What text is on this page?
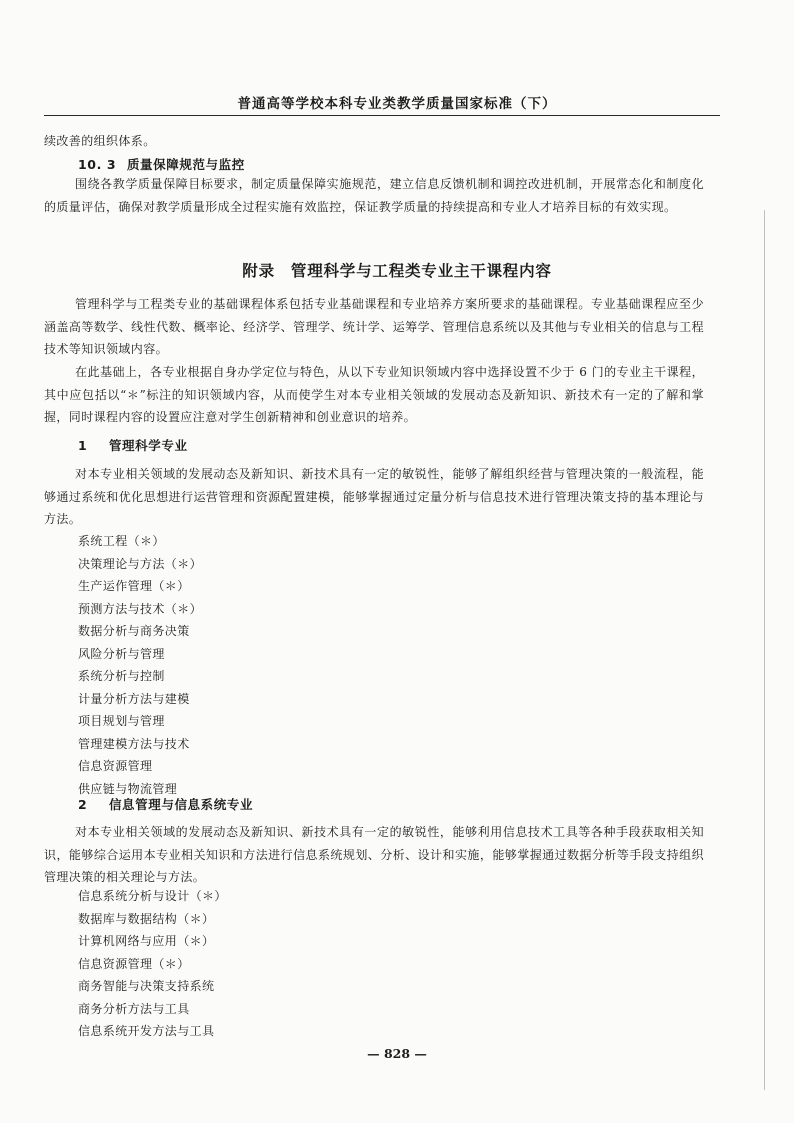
普通高等学校本科专业类教学质量国家标准（下）
续改善的组织体系。
10. 3 质量保障规范与监控
围绕各教学质量保障目标要求，制定质量保障实施规范，建立信息反馈机制和调控改进机制，开展常态化和制度化的质量评估，确保对教学质量形成全过程实施有效监控，保证教学质量的持续提高和专业人才培养目标的有效实现。
附录 管理科学与工程类专业主干课程内容
管理科学与工程类专业的基础课程体系包括专业基础课程和专业培养方案所要求的基础课程。专业基础课程应至少涵盖高等数学、线性代数、概率论、经济学、管理学、统计学、运筹学、管理信息系统以及其他与专业相关的信息与工程技术等知识领域内容。
在此基础上，各专业根据自身办学定位与特色，从以下专业知识领域内容中选择设置不少于 6 门的专业主干课程，其中应包括以“＊”标注的知识领域内容，从而使学生对本专业相关领域的发展动态及新知识、新技术有一定的了解和掌握，同时课程内容的设置应注意对学生创新精神和创业意识的培养。
1 管理科学专业
对本专业相关领域的发展动态及新知识、新技术具有一定的敏锐性，能够了解组织经营与管理决策的一般流程，能够通过系统和优化思想进行运营管理和资源配置建模，能够掌握通过定量分析与信息技术进行管理决策支持的基本理论与方法。
系统工程（＊）
决策理论与方法（＊）
生产运作管理（＊）
预测方法与技术（＊）
数据分析与商务决策
风险分析与管理
系统分析与控制
计量分析方法与建模
项目规划与管理
管理建模方法与技术
信息资源管理
供应链与物流管理
2 信息管理与信息系统专业
对本专业相关领域的发展动态及新知识、新技术具有一定的敏锐性，能够利用信息技术工具等各种手段获取相关知识，能够综合运用本专业相关知识和方法进行信息系统规划、分析、设计和实施，能够掌握通过数据分析等手段支持组织管理决策的相关理论与方法。
信息系统分析与设计（＊）
数据库与数据结构（＊）
计算机网络与应用（＊）
信息资源管理（＊）
商务智能与决策支持系统
商务分析方法与工具
信息系统开发方法与工具
— 828 —
